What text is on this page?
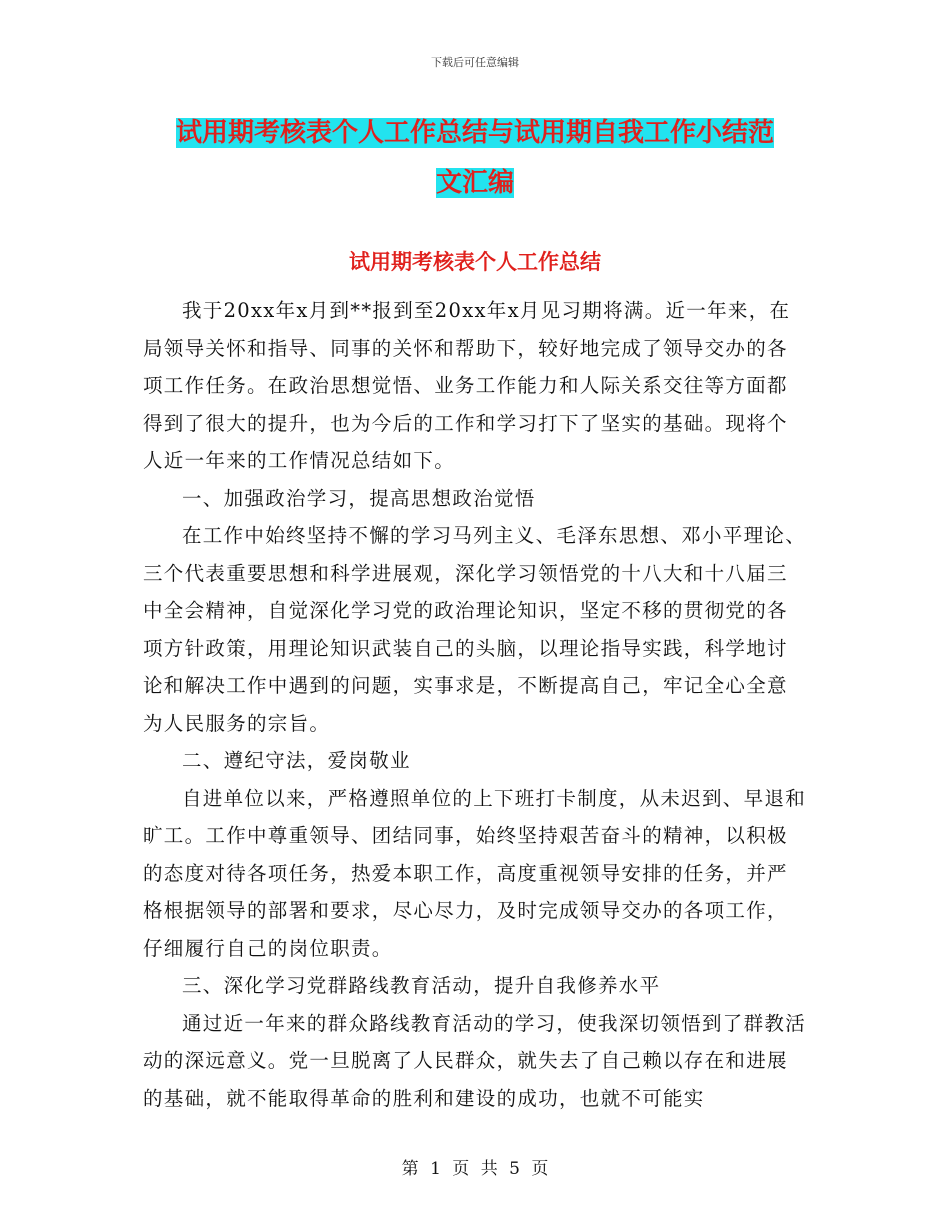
下载后可任意编辑
试用期考核表个人工作总结与试用期自我工作小结范
文汇编
试用期考核表个人工作总结

我于20xx年x月到**报到至20xx年x月见习期将满。近一年来，在局领导关怀和指导、同事的关怀和帮助下，较好地完成了领导交办的各项工作任务。在政治思想觉悟、业务工作能力和人际关系交往等方面都得到了很大的提升，也为今后的工作和学习打下了坚实的基础。现将个人近一年来的工作情况总结如下。

一、加强政治学习，提高思想政治觉悟

在工作中始终坚持不懈的学习马列主义、毛泽东思想、邓小平理论、三个代表重要思想和科学进展观，深化学习领悟党的十八大和十八届三中全会精神，自觉深化学习党的政治理论知识，坚定不移的贯彻党的各项方针政策，用理论知识武装自己的头脑，以理论指导实践，科学地讨论和解决工作中遇到的问题，实事求是，不断提高自己，牢记全心全意为人民服务的宗旨。

二、遵纪守法，爱岗敬业

自进单位以来，严格遵照单位的上下班打卡制度，从未迟到、早退和旷工。工作中尊重领导、团结同事，始终坚持艰苦奋斗的精神，以积极的态度对待各项任务，热爱本职工作，高度重视领导安排的任务，并严格根据领导的部署和要求，尽心尽力，及时完成领导交办的各项工作，仔细履行自己的岗位职责。

三、深化学习党群路线教育活动，提升自我修养水平

通过近一年来的群众路线教育活动的学习，使我深切领悟到了群教活动的深远意义。党一旦脱离了人民群众，就失去了自己赖以存在和进展的基础，就不能取得革命的胜利和建设的成功，也就不可能实

第 1 页 共 5 页
